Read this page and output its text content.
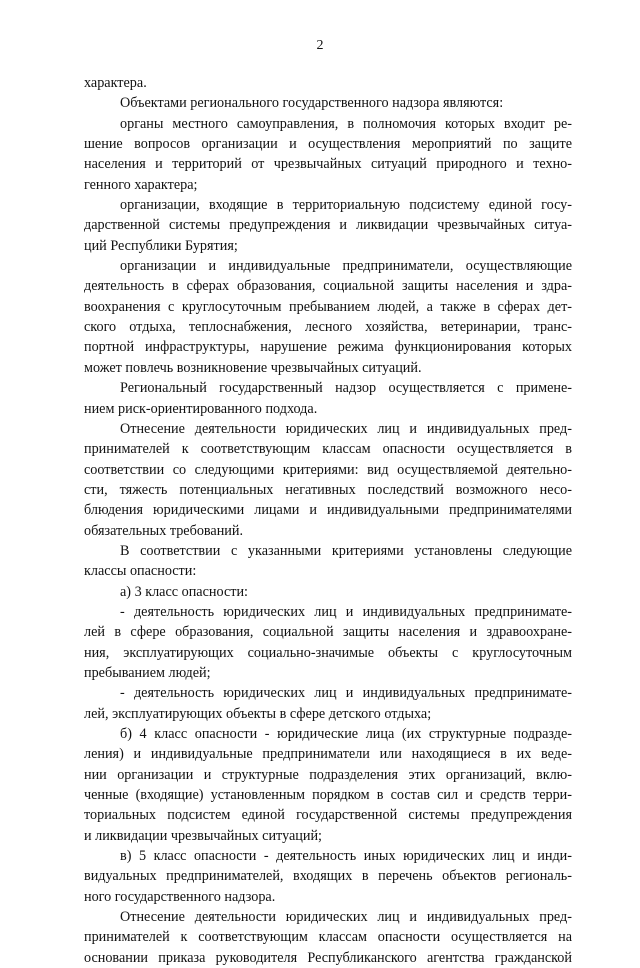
2
характера.
Объектами регионального государственного надзора являются:
органы местного самоуправления, в полномочия которых входит ре-
шение вопросов организации и осуществления мероприятий по защите
населения и территорий от чрезвычайных ситуаций природного и техно-
генного характера;
организации, входящие в территориальную подсистему единой госу-
дарственной системы предупреждения и ликвидации чрезвычайных ситуа-
ций Республики Бурятия;
организации и индивидуальные предприниматели, осуществляющие
деятельность в сферах образования, социальной защиты населения и здра-
воохранения с круглосуточным пребыванием людей, а также в сферах дет-
ского отдыха, теплоснабжения, лесного хозяйства, ветеринарии, транс-
портной инфраструктуры, нарушение режима функционирования которых
может повлечь возникновение чрезвычайных ситуаций.
Региональный государственный надзор осуществляется с примене-
нием риск-ориентированного подхода.
Отнесение деятельности юридических лиц и индивидуальных пред-
принимателей к соответствующим классам опасности осуществляется в
соответствии со следующими критериями: вид осуществляемой деятельно-
сти, тяжесть потенциальных негативных последствий возможного несо-
блюдения юридическими лицами и индивидуальными предпринимателями
обязательных требований.
В соответствии с указанными критериями установлены следующие
классы опасности:
а) 3 класс опасности:
- деятельность юридических лиц и индивидуальных предпринимате-
лей в сфере образования, социальной защиты населения и здравоохране-
ния, эксплуатирующих социально-значимые объекты с круглосуточным
пребыванием людей;
- деятельность юридических лиц и индивидуальных предпринимате-
лей, эксплуатирующих объекты в сфере детского отдыха;
б) 4 класс опасности - юридические лица (их структурные подразде-
ления) и индивидуальные предприниматели или находящиеся в их веде-
нии организации и структурные подразделения этих организаций, вклю-
ченные (входящие) установленным порядком в состав сил и средств терри-
ториальных подсистем единой государственной системы предупреждения
и ликвидации чрезвычайных ситуаций;
в) 5 класс опасности - деятельность иных юридических лиц и инди-
видуальных предпринимателей, входящих в перечень объектов региональ-
ного государственного надзора.
Отнесение деятельности юридических лиц и индивидуальных пред-
принимателей к соответствующим классам опасности осуществляется на
основании приказа руководителя Республиканского агентства гражданской
